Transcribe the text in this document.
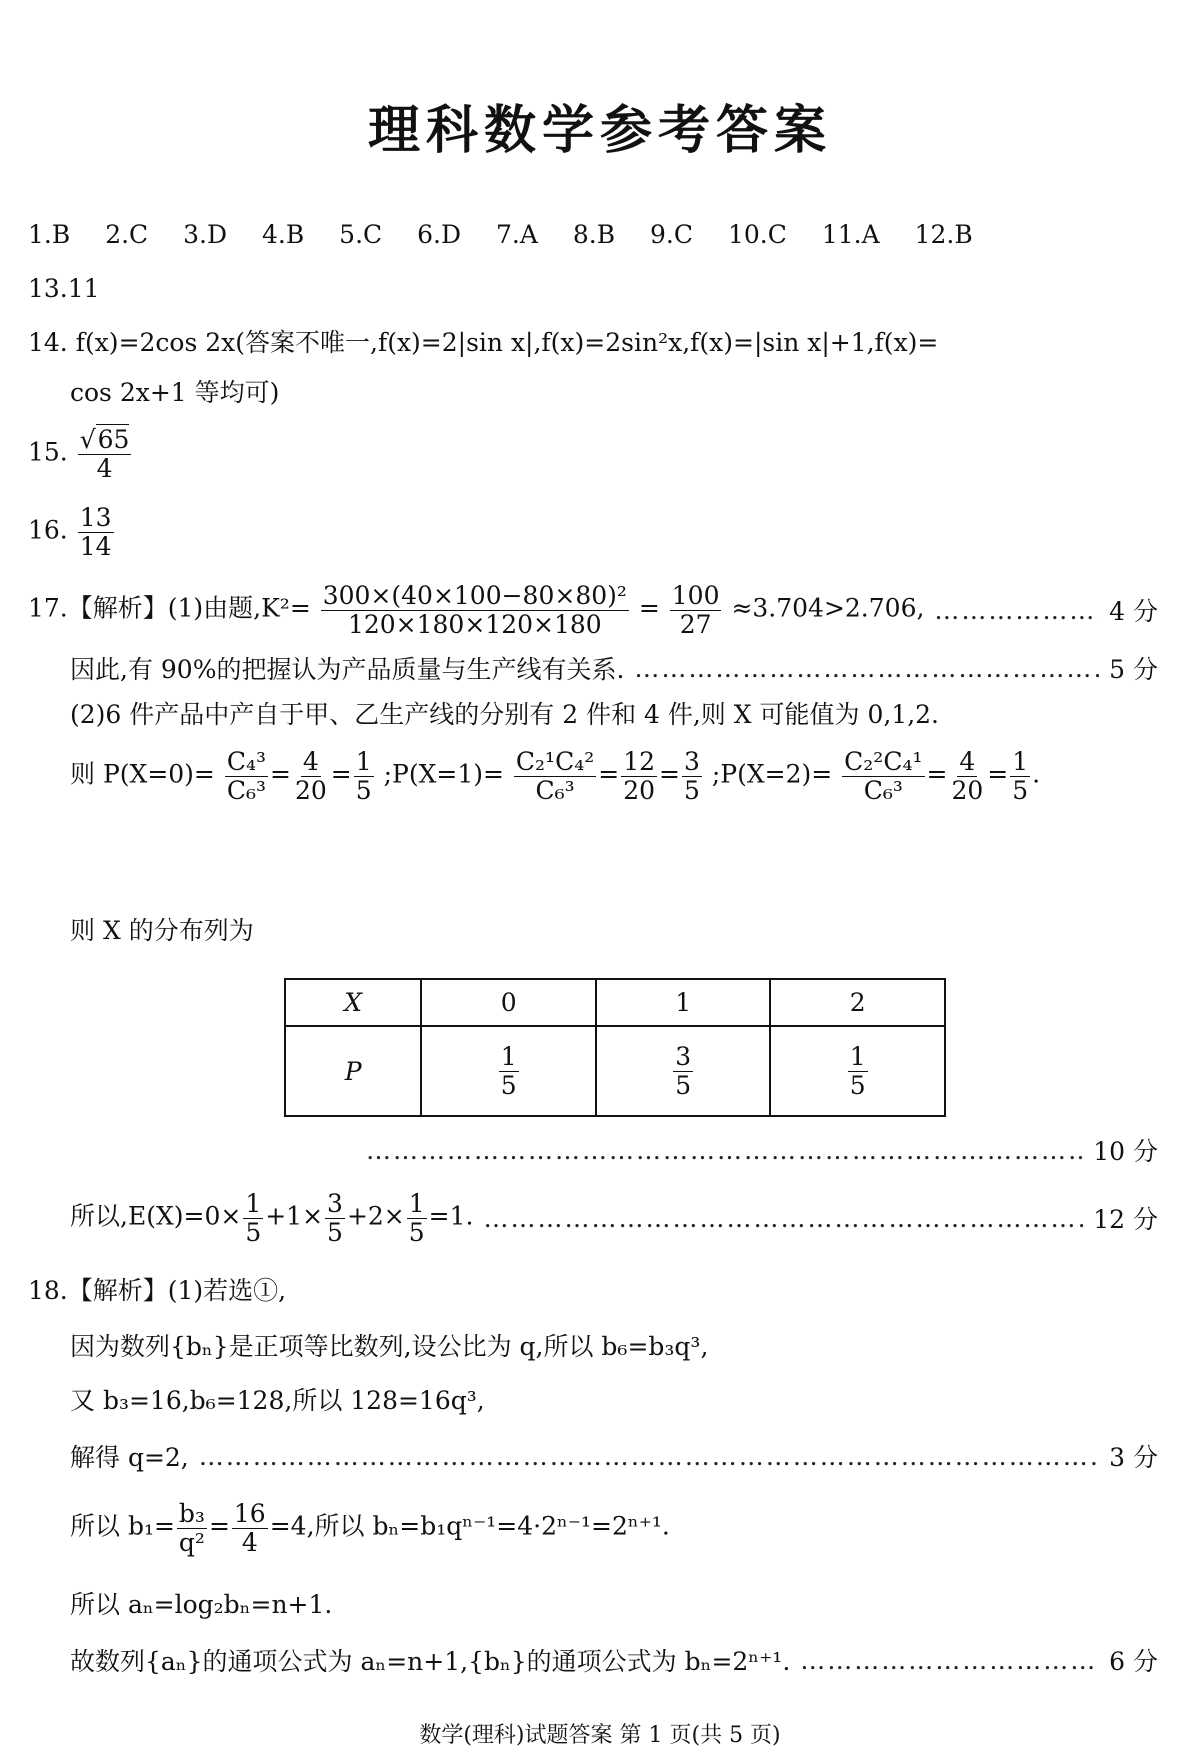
理科数学参考答案
1.B 2.C 3.D 4.B 5.C 6.D 7.A 8.B 9.C 10.C 11.A 12.B
13.11
14. f(x)=2cos 2x(答案不唯一,f(x)=2|sin x|,f(x)=2sin²x,f(x)=|sin x|+1,f(x)=
cos 2x+1 等均可)
15. $\frac{√65}{4}$
16. $\frac{13}{14}$
17.【解析】(1)由题$,K^2= \frac{\text{300×(40×100−80×80)²}}{120\times 180\times 120\times 180} = \frac{100}{27} \approx 3.704>2.706$, ………………………………………………………………………………………………………………………………………………………………	4 分
因此,有 90%的把握认为产品质量与生产线有关系. ………………………………………………………………………………………………………………………………………………………………	5 分
(2)6 件产品中产自于甲、乙生产线的分别有 2 件和 4 件,则 X 可能值为 0,1,2.
则 $P(X=0)= \frac{\text{C₄³}}{\text{C₆³}} = \frac{4}{20} = \frac{1}{5}$ ;P(X=1)= $\frac{\text{C₂¹C₄²}}{\text{C₆³}} = \frac{12}{20} = \frac{3}{5}$ ;P(X=2)= $\frac{\text{C₂²C₄¹}}{\text{C₆³}} = \frac{4}{20} = \frac{1}{5}$ .
则 X 的分布列为
X	0	1	2
P	$\frac{1}{5}$	$\frac{3}{5}$	$\frac{1}{5}$
………………………………………………………………………………………………………………………………………………………………
10 分
所以$,E(X)=0\times \frac{1}{5} +1\times \frac{3}{5} +2\times \frac{1}{5} =1$. ………………………………………………………………………………………………………………………………………………………………	12 分
18.【解析】(1)若选①,
因为数列{bₙ}是正项等比数列,设公比为 q,所以 b₆=b₃q³,
又 b₃=16,b₆=128,所以 128=16q³,
解得 q=2, ………………………………………………………………………………………………………………………………………………………………	3 分
所以 $b_1= \frac{\text{b₃}}{\text{q²}} = \frac{16}{4} =4$,所以 bₙ=b₁qⁿ⁻¹=4·2ⁿ⁻¹=2ⁿ⁺¹.
所以 aₙ=log₂bₙ=n+1.
故数列{aₙ}的通项公式为 aₙ=n+1,{bₙ}的通项公式为 bₙ=2ⁿ⁺¹. ………………………………………………………………………………………………………………………………………………………………	6 分
数学(理科)试题答案 第 1 页(共 5 页)
